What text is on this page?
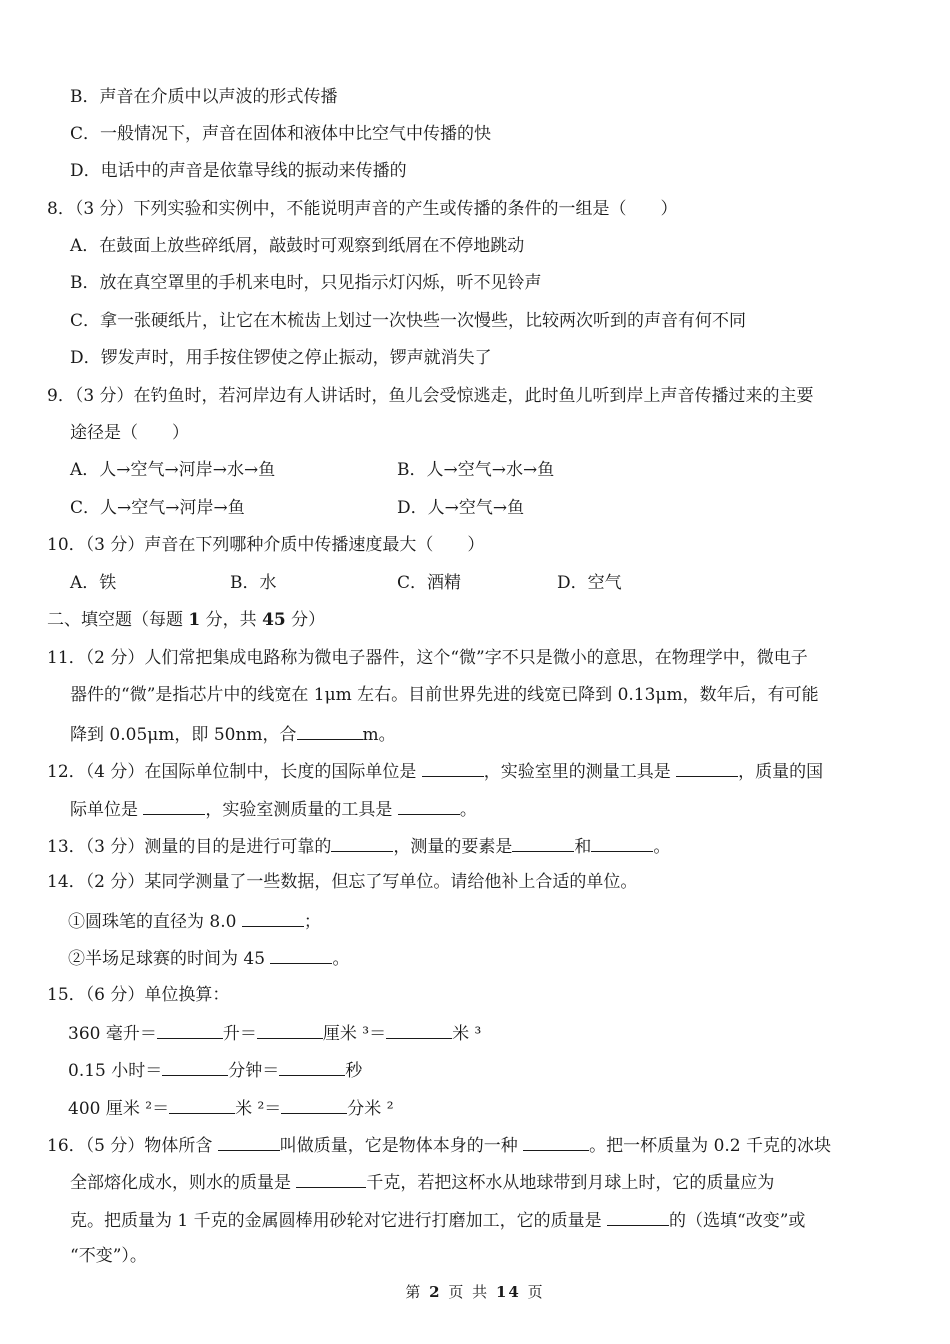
B．声音在介质中以声波的形式传播
C．一般情况下，声音在固体和液体中比空气中传播的快
D．电话中的声音是依靠导线的振动来传播的
8．（3 分）下列实验和实例中，不能说明声音的产生或传播的条件的一组是（　　）
A．在鼓面上放些碎纸屑，敲鼓时可观察到纸屑在不停地跳动
B．放在真空罩里的手机来电时，只见指示灯闪烁，听不见铃声
C．拿一张硬纸片，让它在木梳齿上划过一次快些一次慢些，比较两次听到的声音有何不同
D．锣发声时，用手按住锣使之停止振动，锣声就消失了
9．（3 分）在钓鱼时，若河岸边有人讲话时，鱼儿会受惊逃走，此时鱼儿听到岸上声音传播过来的主要
途径是（　　）
A．人→空气→河岸→水→鱼	B．人→空气→水→鱼
C．人→空气→河岸→鱼	D．人→空气→鱼
10．（3 分）声音在下列哪种介质中传播速度最大（　　）
A．铁	B．水	C．酒精	D．空气
二、填空题（每题 1 分，共 45 分）
11．（2 分）人们常把集成电路称为微电子器件，这个“微”字不只是微小的意思，在物理学中，微电子
器件的“微”是指芯片中的线宽在 1μm 左右。目前世界先进的线宽已降到 0.13μm，数年后，有可能
降到 0.05μm，即 50nm，合	m。
12．（4 分）在国际单位制中，长度的国际单位是	，实验室里的测量工具是	，质量的国
际单位是	，实验室测质量的工具是	。
13．（3 分）测量的目的是进行可靠的	，测量的要素是	和	。
14．（2 分）某同学测量了一些数据，但忘了写单位。请给他补上合适的单位。
①圆珠笔的直径为 8.0	；
②半场足球赛的时间为 45	。
15．（6 分）单位换算：
360 毫升＝	升＝	厘米 ³＝	米 ³
0.15 小时＝	分钟＝	秒
400 厘米 ²＝	米 ²＝	分米 ²
16．（5 分）物体所含	叫做质量，它是物体本身的一种	。把一杯质量为 0.2 千克的冰块
全部熔化成水，则水的质量是	千克，若把这杯水从地球带到月球上时，它的质量应为
克。把质量为 1 千克的金属圆棒用砂轮对它进行打磨加工，它的质量是	的（选填“改变”或
“不变”）。
第 2 页 共 14 页
